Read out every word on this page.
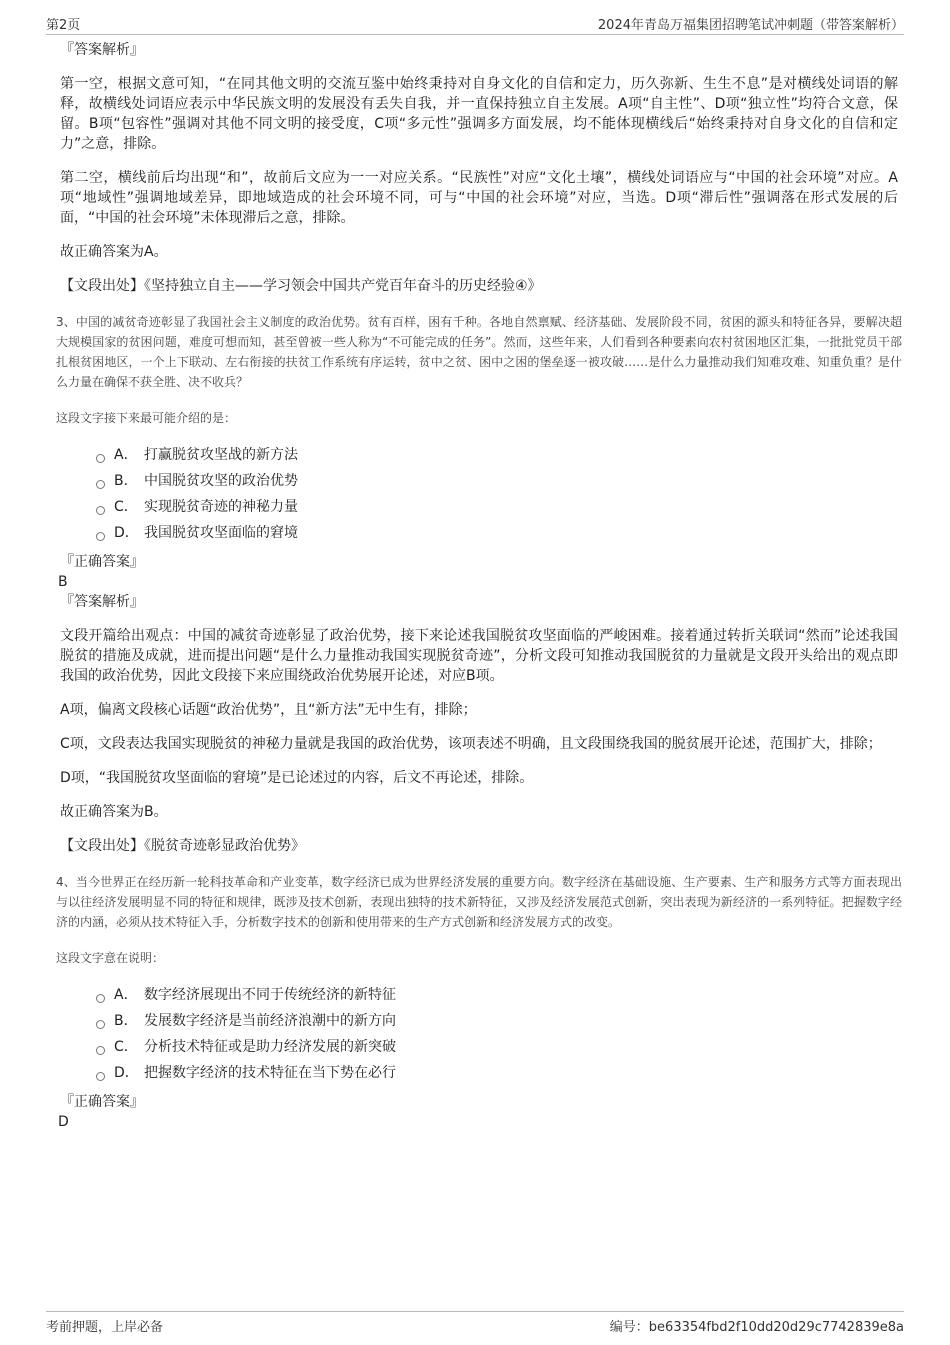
第2页	2024年青岛万福集团招聘笔试冲刺题（带答案解析）
『答案解析』

第一空，根据文意可知，“在同其他文明的交流互鉴中始终秉持对自身文化的自信和定力，历久弥新、生生不息”是对横线处词语的解释，故横线处词语应表示中华民族文明的发展没有丢失自我，并一直保持独立自主发展。A项“自主性”、D项“独立性”均符合文意，保留。B项“包容性”强调对其他不同文明的接受度，C项“多元性”强调多方面发展，均不能体现横线后“始终秉持对自身文化的自信和定力”之意，排除。

第二空，横线前后均出现“和”，故前后文应为一一对应关系。“民族性”对应“文化土壤”，横线处词语应与“中国的社会环境”对应。A项“地域性”强调地域差异，即地域造成的社会环境不同，可与“中国的社会环境”对应，当选。D项“滞后性”强调落在形式发展的后面，“中国的社会环境”未体现滞后之意，排除。

故正确答案为A。

【文段出处】《坚持独立自主——学习领会中国共产党百年奋斗的历史经验④》

3、中国的减贫奇迹彰显了我国社会主义制度的政治优势。贫有百样，困有千种。各地自然禀赋、经济基础、发展阶段不同，贫困的源头和特征各异，要解决超大规模国家的贫困问题，难度可想而知，甚至曾被一些人称为“不可能完成的任务”。然而，这些年来，人们看到各种要素向农村贫困地区汇集，一批批党员干部扎根贫困地区，一个上下联动、左右衔接的扶贫工作系统有序运转，贫中之贫、困中之困的堡垒逐一被攻破……是什么力量推动我们知难攻难、知重负重？是什么力量在确保不获全胜、决不收兵？

这段文字接下来最可能介绍的是：

A． 打赢脱贫攻坚战的新方法
B． 中国脱贫攻坚的政治优势
C． 实现脱贫奇迹的神秘力量
D． 我国脱贫攻坚面临的窘境
『正确答案』
B
『答案解析』

文段开篇给出观点：中国的减贫奇迹彰显了政治优势，接下来论述我国脱贫攻坚面临的严峻困难。接着通过转折关联词“然而”论述我国脱贫的措施及成就，进而提出问题“是什么力量推动我国实现脱贫奇迹”，分析文段可知推动我国脱贫的力量就是文段开头给出的观点即我国的政治优势，因此文段接下来应围绕政治优势展开论述，对应B项。

A项，偏离文段核心话题“政治优势”，且“新方法”无中生有，排除；

C项，文段表达我国实现脱贫的神秘力量就是我国的政治优势，该项表述不明确，且文段围绕我国的脱贫展开论述，范围扩大，排除；

D项，“我国脱贫攻坚面临的窘境”是已论述过的内容，后文不再论述，排除。

故正确答案为B。

【文段出处】《脱贫奇迹彰显政治优势》

4、当今世界正在经历新一轮科技革命和产业变革，数字经济已成为世界经济发展的重要方向。数字经济在基础设施、生产要素、生产和服务方式等方面表现出与以往经济发展明显不同的特征和规律，既涉及技术创新，表现出独特的技术新特征，又涉及经济发展范式创新，突出表现为新经济的一系列特征。把握数字经济的内涵，必须从技术特征入手，分析数字技术的创新和使用带来的生产方式创新和经济发展方式的改变。

这段文字意在说明：

A． 数字经济展现出不同于传统经济的新特征
B． 发展数字经济是当前经济浪潮中的新方向
C． 分析技术特征或是助力经济发展的新突破
D． 把握数字经济的技术特征在当下势在必行
『正确答案』
D
考前押题，上岸必备	编号：be63354fbd2f10dd20d29c7742839e8a
